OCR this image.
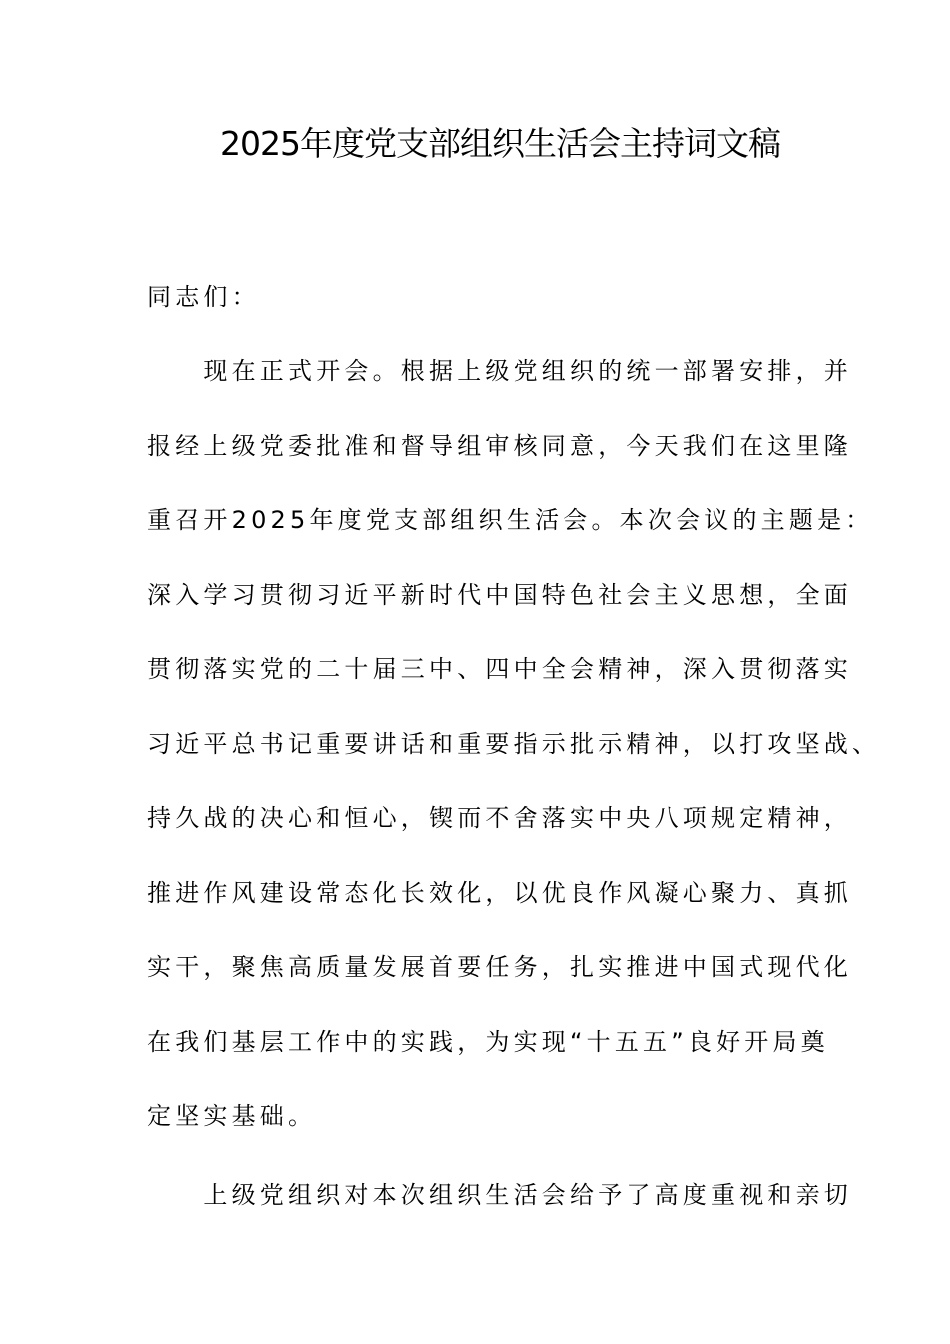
2025年度党支部组织生活会主持词文稿
同志们：
　　现在正式开会。根据上级党组织的统一部署安排，并
报经上级党委批准和督导组审核同意，今天我们在这里隆
重召开2025年度党支部组织生活会。本次会议的主题是：
深入学习贯彻习近平新时代中国特色社会主义思想，全面
贯彻落实党的二十届三中、四中全会精神，深入贯彻落实
习近平总书记重要讲话和重要指示批示精神，以打攻坚战、
持久战的决心和恒心，锲而不舍落实中央八项规定精神，
推进作风建设常态化长效化，以优良作风凝心聚力、真抓
实干，聚焦高质量发展首要任务，扎实推进中国式现代化
在我们基层工作中的实践，为实现“十五五”良好开局奠
定坚实基础。
　　上级党组织对本次组织生活会给予了高度重视和亲切
